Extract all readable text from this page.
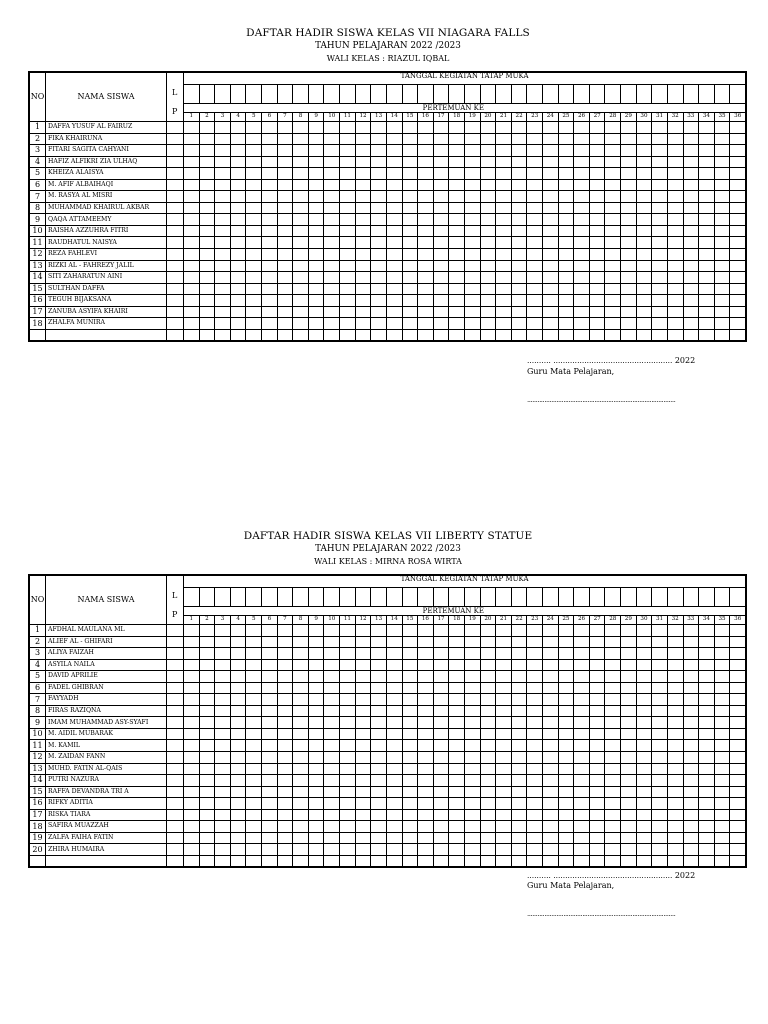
DAFTAR HADIR SISWA KELAS VII NIAGARA FALLS
TAHUN PELAJARAN 2022 /2023
WALI KELAS : RIAZUL IQBAL
NO	NAMA SISWA	L
P	TANGGAL KEGIATAN TATAP MUKA																																			

																		PERTEMUAN KE																				
			1	2	3	4	5	6	7	8	9	10	11	12	13	14	15	16	17	18	19	20	21	22	23	24	25	26	27	28	29	30	31	32	33	34	35	36

1	DAFFA YUSUF AL FAIRUZ																																					
2	FIKA KHAIRUNA																																					
3	FITARI SAGITA CAHYANI																																					
4	HAFIZ ALFIKRI ZIA ULHAQ																																					
5	KHEIZA ALAISYA																																					
6	M. AFIF ALBAIHAQI																																					
7	M. RASYA AL MISRI																																					
8	MUHAMMAD KHAIRUL AKBAR																																					
9	QAQA ATTAMEEMY																																					
10	RAISHA AZZUHRA FITRI																																					
11	RAUDHATUL NAISYA																																					
12	REZA FAHLEVI																																					
13	RIZKI AL - FAHREZY JALIL																																					
14	SITI ZAHARATUN AINI																																					
15	SULTHAN DAFFA																																					
16	TEGUH BIJAKSANA																																					
17	ZANUBA ASYIFA KHAIRI																																					
18	ZHALFA MUNIRA																																					

.......... .................................................. 2022
Guru Mata Pelajaran,
......................................................................................
DAFTAR HADIR SISWA KELAS VII LIBERTY STATUE
TAHUN PELAJARAN 2022 /2023
WALI KELAS : MIRNA ROSA WIRTA
NO	NAMA SISWA	L
P	TANGGAL KEGIATAN TATAP MUKA																																			

																		PERTEMUAN KE																				
			1	2	3	4	5	6	7	8	9	10	11	12	13	14	15	16	17	18	19	20	21	22	23	24	25	26	27	28	29	30	31	32	33	34	35	36

1	AFDHAL MAULANA ML																																					
2	ALIEF AL - GHIFARI																																					
3	ALIYA FAIZAH																																					
4	ASYILA NAILA																																					
5	DAVID APRILIE																																					
6	FADEL GHIBRAN																																					
7	FAYYADH																																					
8	FIRAS RAZIQNA																																					
9	IMAM MUHAMMAD ASY-SYAFI																																					
10	M. AIDIL MUBARAK																																					
11	M. KAMIL																																					
12	M. ZAIDAN FANN																																					
13	MUHD. FATIN AL-QAIS																																					
14	PUTRI NAZURA																																					
15	RAFFA DEVANDRA TRI A																																					
16	RIFKY ADITIA																																					
17	RISKA TIARA																																					
18	SAFIRA MUAZZAH																																					
19	ZALFA FAIHA FATIN																																					
20	ZHIRA HUMAIRA																																					

.......... .................................................. 2022
Guru Mata Pelajaran,
......................................................................................
